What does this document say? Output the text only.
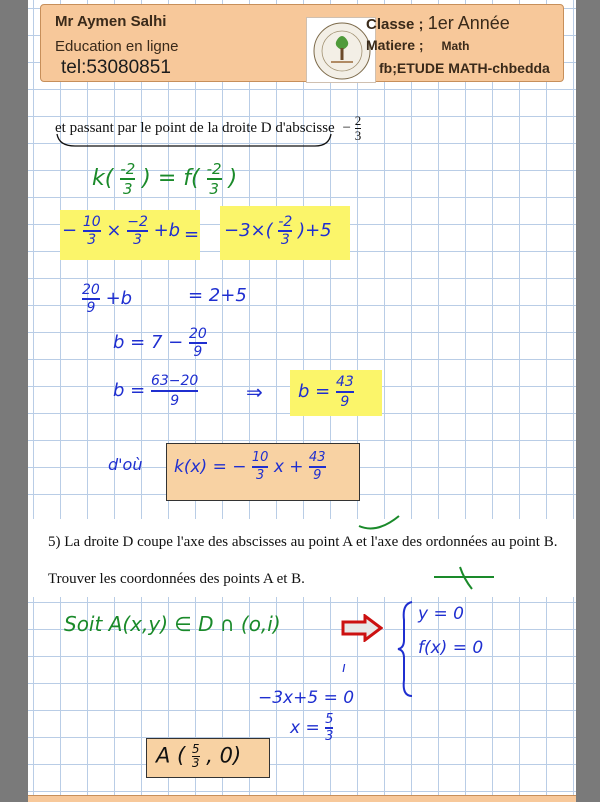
Mr Aymen Salhi
Education en ligne
tel:53080851
Classe ; 1er Année
Matiere ; Math
fb;ETUDE MATH-chbedda
et passant par le point de la droite D d'abscisse − $\frac{2}{3}$
$k( \frac{-2}{3}$ ) = $f( \frac{-2}{3}$ )
− $\frac{10}{3} \times \frac{-2}{3} +b = -3\times( \frac{-2}{3} )+5$
$\frac{20}{9} +b$	= 2+5
$b = 7 - \frac{20}{9}$
$b = \frac{63-20}{9}$ ⇒ $b = \frac{43}{9}$
d'où k(x) = − $\frac{10}{3}$ $x + \frac{43}{9}$
5) La droite D coupe l'axe des abscisses au point A et l'axe des ordonnées au point B.
Trouver les coordonnées des points A et B.
Soit A(x,y) ∈ D ∩ (o,i)	y = 0
f(x) = 0
ı
−3x+5 = 0
$x = \frac{5}{3}$
A ( $\frac{5}{3}$ , 0)
